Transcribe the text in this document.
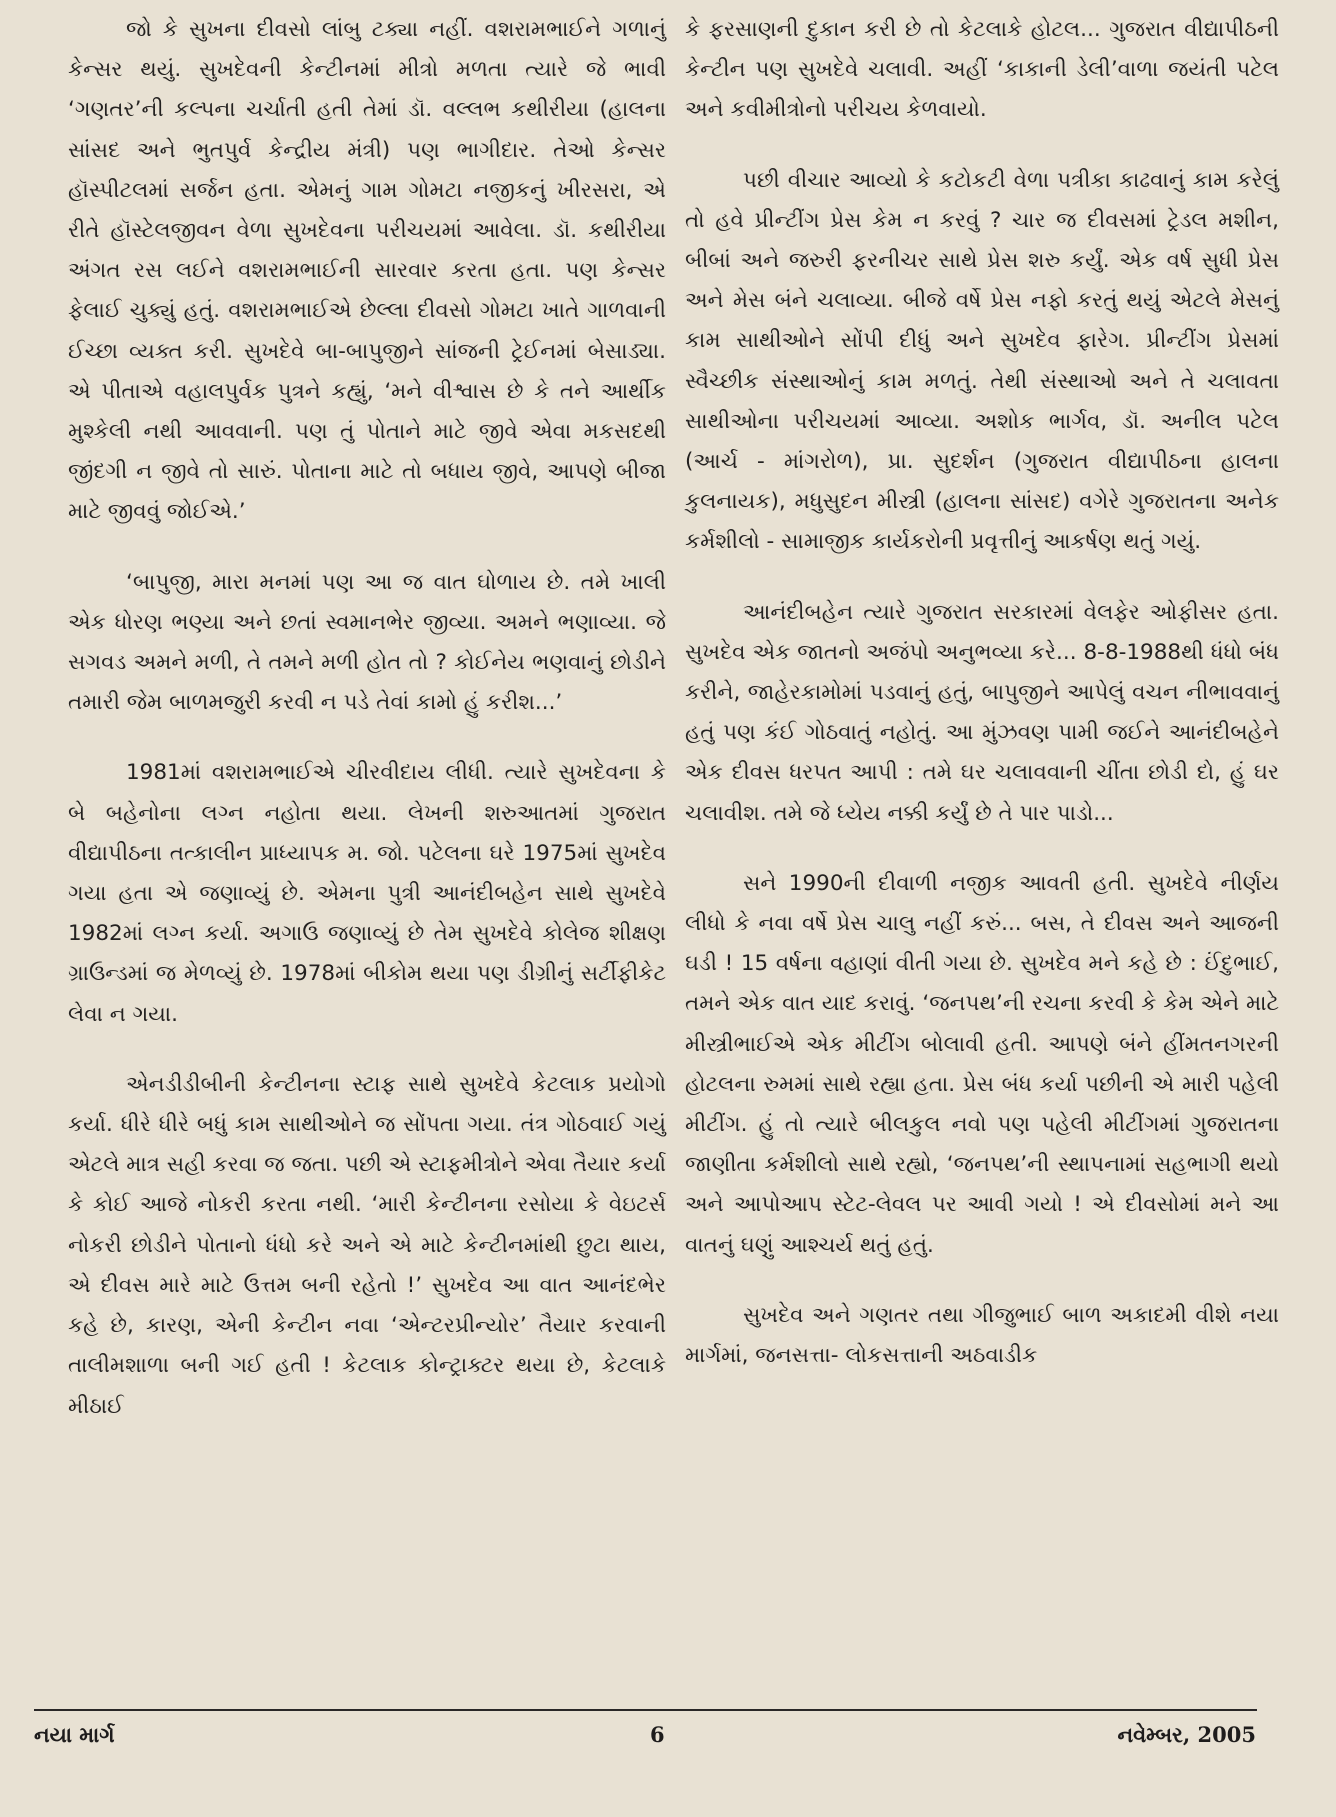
જો કે સુખના દીવસો લાંબુ ટક્યા નહીં. વશરામભાઈને ગળાનું કેન્સર થયું. સુખદેવની કેન્ટીનમાં મીત્રો મળતા ત્યારે જે ભાવી ‘ગણતર’ની કલ્પના ચર્ચાતી હતી તેમાં ડૉ. વલ્લભ કથીરીયા (હાલના સાંસદ અને ભુતપુર્વ કેન્દ્રીય મંત્રી) પણ ભાગીદાર. તેઓ કેન્સર હૉસ્પીટલમાં સર્જન હતા. એમનું ગામ ગોમટા નજીકનું ખીરસરા, એ રીતે હૉસ્ટેલજીવન વેળા સુખદેવના પરીચયમાં આવેલા. ડૉ. કથીરીયા અંગત રસ લઈને વશરામભાઈની સારવાર કરતા હતા. પણ કેન્સર ફેલાઈ ચુક્યું હતું. વશરામભાઈએ છેલ્લા દીવસો ગોમટા ખાતે ગાળવાની ઈચ્છા વ્યક્ત કરી. સુખદેવે બા-બાપુજીને સાંજની ટ્રેઈનમાં બેસાડ્યા. એ પીતાએ વહાલપુર્વક પુત્રને કહ્યું, ‘મને વીશ્વાસ છે કે તને આર્થીક મુશ્કેલી નથી આવવાની. પણ તું પોતાને માટે જીવે એવા મકસદથી જીંદગી ન જીવે તો સારું. પોતાના માટે તો બધાય જીવે, આપણે બીજા માટે જીવવું જોઈએ.’

‘બાપુજી, મારા મનમાં પણ આ જ વાત ઘોળાય છે. તમે ખાલી એક ધોરણ ભણ્યા અને છતાં સ્વમાનભેર જીવ્યા. અમને ભણાવ્યા. જે સગવડ અમને મળી, તે તમને મળી હોત તો ? કોઈનેય ભણવાનું છોડીને તમારી જેમ બાળમજુરી કરવી ન પડે તેવાં કામો હું કરીશ...’

1981માં વશરામભાઈએ ચીરવીદાય લીધી. ત્યારે સુખદેવના કે બે બહેનોના લગ્ન નહોતા થયા. લેખની શરુઆતમાં ગુજરાત વીદ્યાપીઠના તત્કાલીન પ્રાધ્યાપક મ. જો. પટેલના ઘરે 1975માં સુખદેવ ગયા હતા એ જણાવ્યું છે. એમના પુત્રી આનંદીબહેન સાથે સુખદેવે 1982માં લગ્ન કર્યા. અગાઉ જણાવ્યું છે તેમ સુખદેવે કોલેજ શીક્ષણ ગ્રાઉન્ડમાં જ મેળવ્યું છે. 1978માં બીકોમ થયા પણ ડીગ્રીનું સર્ટીફીકેટ લેવા ન ગયા.

એનડીડીબીની કેન્ટીનના સ્ટાફ સાથે સુખદેવે કેટલાક પ્રયોગો કર્યા. ધીરે ધીરે બધું કામ સાથીઓને જ સોંપતા ગયા. તંત્ર ગોઠવાઈ ગયું એટલે માત્ર સહી કરવા જ જતા. પછી એ સ્ટાફમીત્રોને એવા તૈયાર કર્યા કે કોઈ આજે નોકરી કરતા નથી. ‘મારી કેન્ટીનના રસોયા કે વેઇટર્સ નોકરી છોડીને પોતાનો ધંધો કરે અને એ માટે કેન્ટીનમાંથી છુટા થાય, એ દીવસ મારે માટે ઉત્તમ બની રહેતો !’ સુખદેવ આ વાત આનંદભેર કહે છે, કારણ, એની કેન્ટીન નવા ‘એન્ટરપ્રીન્યોર’ તૈયાર કરવાની તાલીમશાળા બની ગઈ હતી ! કેટલાક કોન્ટ્રાક્ટર થયા છે, કેટલાકે મીઠાઈ

કે ફરસાણની દુકાન કરી છે તો કેટલાકે હોટલ... ગુજરાત વીદ્યાપીઠની કેન્ટીન પણ સુખદેવે ચલાવી. અહીં ‘કાકાની ડેલી’વાળા જયંતી પટેલ અને કવીમીત્રોનો પરીચય કેળવાયો.

પછી વીચાર આવ્યો કે કટોકટી વેળા પત્રીકા કાઢવાનું કામ કરેલું તો હવે પ્રીન્ટીંગ પ્રેસ કેમ ન કરવું ? ચાર જ દીવસમાં ટ્રેડલ મશીન, બીબાં અને જરુરી ફરનીચર સાથે પ્રેસ શરુ કર્યું. એક વર્ષ સુધી પ્રેસ અને મેસ બંને ચલાવ્યા. બીજે વર્ષે પ્રેસ નફો કરતું થયું એટલે મેસનું કામ સાથીઓને સોંપી દીધું અને સુખદેવ ફારેગ. પ્રીન્ટીંગ પ્રેસમાં સ્વૈચ્છીક સંસ્થાઓનું કામ મળતું. તેથી સંસ્થાઓ અને તે ચલાવતા સાથીઓના પરીચયમાં આવ્યા. અશોક ભાર્ગવ, ડૉ. અનીલ પટેલ (આર્ચ - માંગરોળ), પ્રા. સુદર્શન (ગુજરાત વીદ્યાપીઠના હાલના કુલનાયક), મધુસુદન મીસ્ત્રી (હાલના સાંસદ) વગેરે ગુજરાતના અનેક કર્મશીલો - સામાજીક કાર્યકરોની પ્રવૃત્તીનું આકર્ષણ થતું ગયું.

આનંદીબહેન ત્યારે ગુજરાત સરકારમાં વેલફેર ઓફીસર હતા. સુખદેવ એક જાતનો અજંપો અનુભવ્યા કરે... 8-8-1988થી ધંધો બંધ કરીને, જાહેરકામોમાં પડવાનું હતું, બાપુજીને આપેલું વચન નીભાવવાનું હતું પણ કંઈ ગોઠવાતું નહોતું. આ મુંઝવણ પામી જઈને આનંદીબહેને એક દીવસ ધરપત આપી : તમે ઘર ચલાવવાની ચીંતા છોડી દો, હું ઘર ચલાવીશ. તમે જે ધ્યેય નક્કી કર્યું છે તે પાર પાડો...

સને 1990ની દીવાળી નજીક આવતી હતી. સુખદેવે નીર્ણય લીધો કે નવા વર્ષે પ્રેસ ચાલુ નહીં કરું... બસ, તે દીવસ અને આજની ઘડી ! 15 વર્ષના વહાણાં વીતી ગયા છે. સુખદેવ મને કહે છે : ઈંદુભાઈ, તમને એક વાત યાદ કરાવું. ‘જનપથ’ની રચના કરવી કે કેમ એને માટે મીસ્ત્રીભાઈએ એક મીટીંગ બોલાવી હતી. આપણે બંને હીંમતનગરની હોટલના રુમમાં સાથે રહ્યા હતા. પ્રેસ બંધ કર્યા પછીની એ મારી પહેલી મીટીંગ. હું તો ત્યારે બીલકુલ નવો પણ પહેલી મીટીંગમાં ગુજરાતના જાણીતા કર્મશીલો સાથે રહ્યો, ‘જનપથ’ની સ્થાપનામાં સહભાગી થયો અને આપોઆપ સ્ટેટ-લેવલ પર આવી ગયો ! એ દીવસોમાં મને આ વાતનું ઘણું આશ્ચર્ય થતું હતું.

સુખદેવ અને ગણતર તથા ગીજુભાઈ બાળ અકાદમી વીશે નયા માર્ગમાં, જનસત્તા- લોકસત્તાની અઠવાડીક

નયા માર્ગ	6	નવેમ્બર, 2005
